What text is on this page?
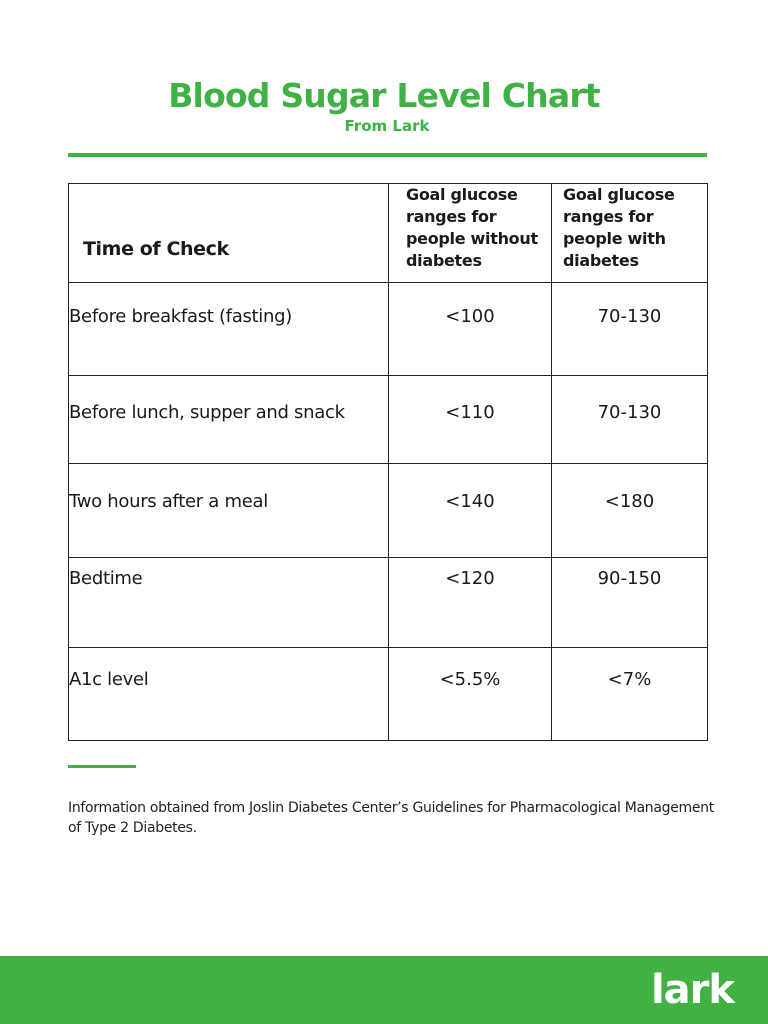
Blood Sugar Level Chart
From Lark
Time of Check	Goal glucose ranges for people without diabetes	Goal glucose ranges for people with diabetes

Before breakfast (fasting)	<100	70-130

Before lunch, supper and snack	<110	70-130

Two hours after a meal	<140	<180

Bedtime	<120	90-150

A1c level	<5.5%	<7%

Information obtained from Joslin Diabetes Center’s Guidelines for Pharmacological Management of Type 2 Diabetes.

lark
